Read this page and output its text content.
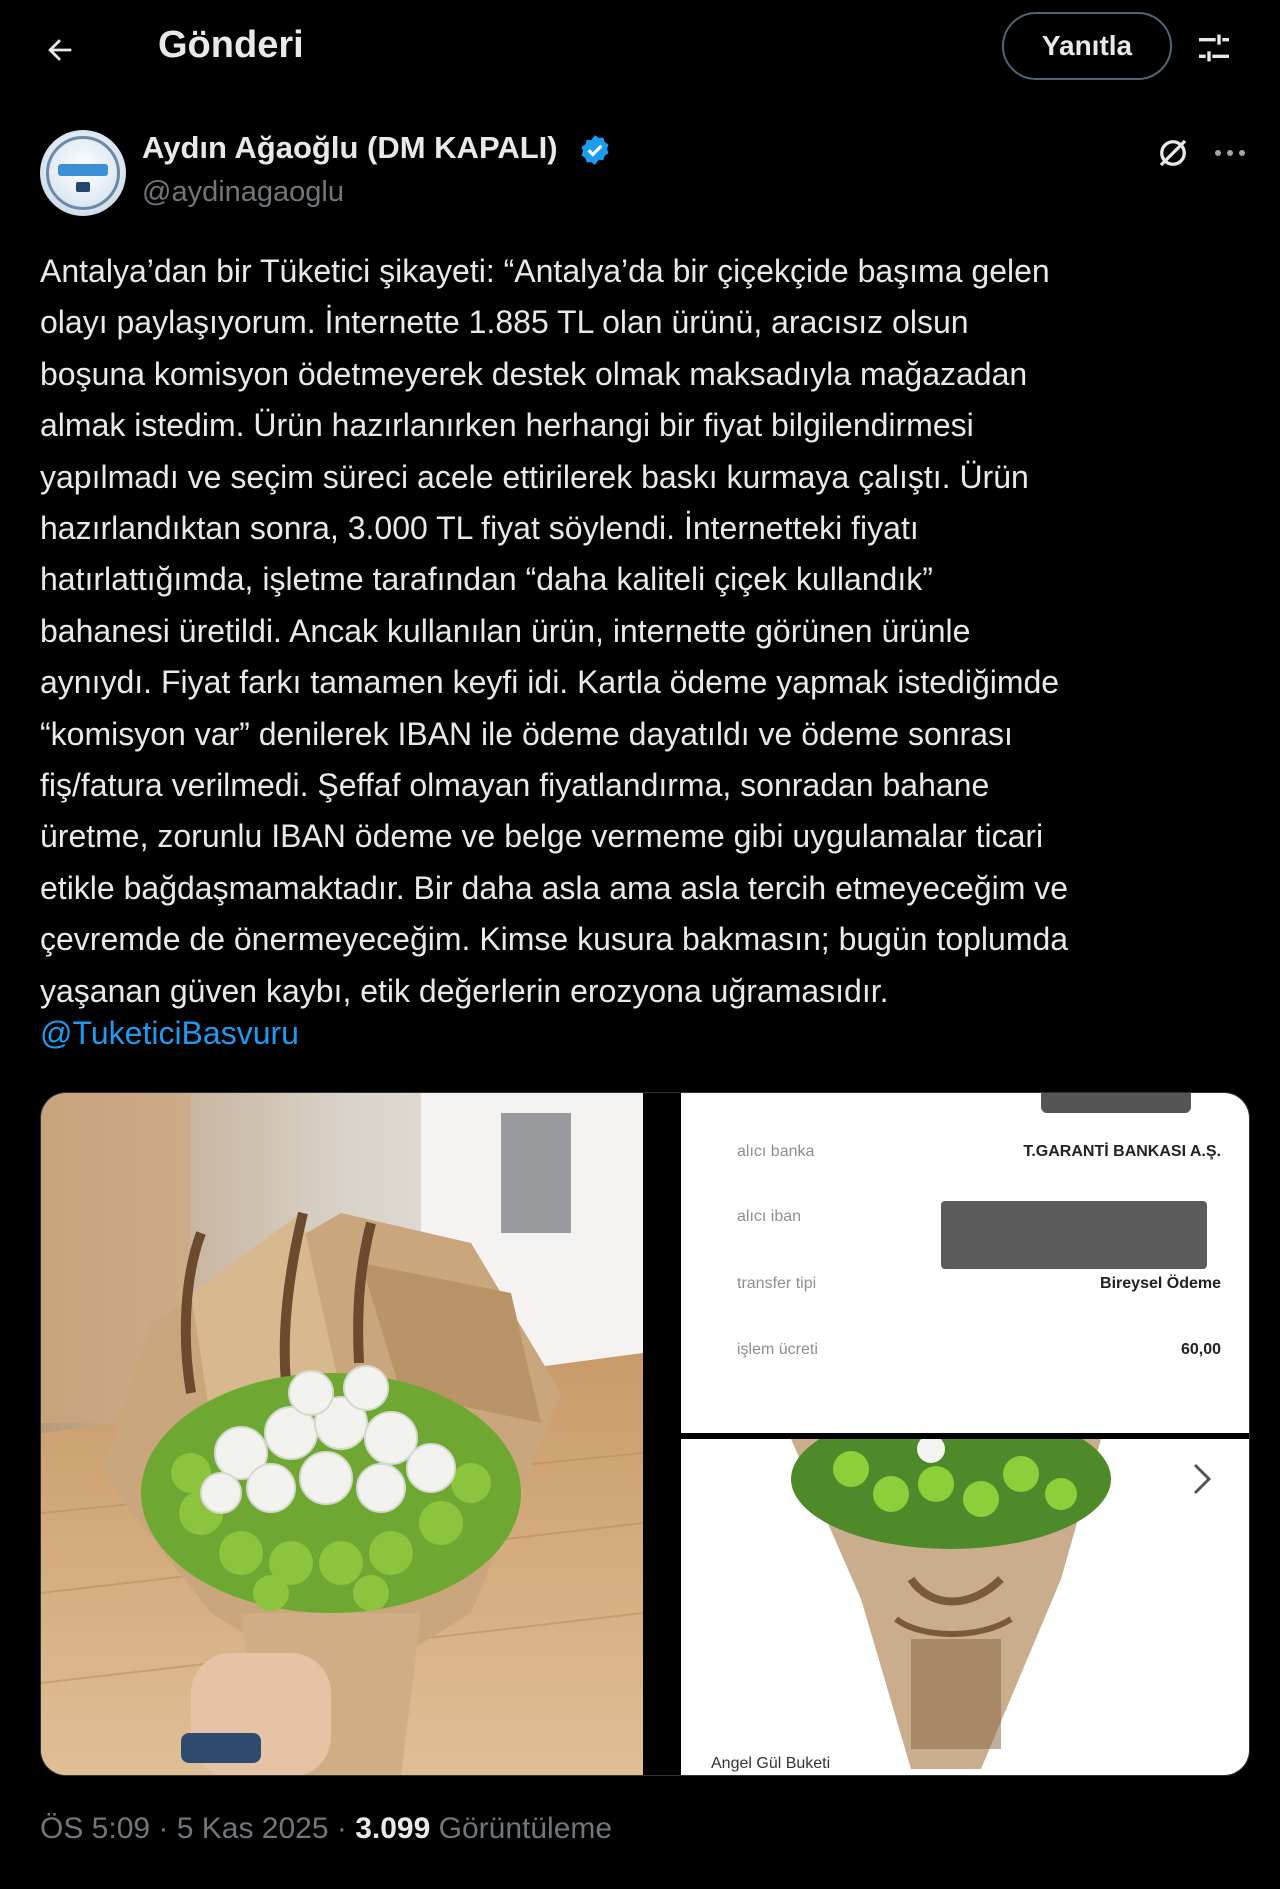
Gönderi	Yanıtla
Aydın Ağaoğlu (DM KAPALI)
@aydinagaoglu
Antalya’dan bir Tüketici şikayeti: “Antalya’da bir çiçekçide başıma gelen
olayı paylaşıyorum. İnternette 1.885 TL olan ürünü, aracısız olsun
boşuna komisyon ödetmeyerek destek olmak maksadıyla mağazadan
almak istedim. Ürün hazırlanırken herhangi bir fiyat bilgilendirmesi
yapılmadı ve seçim süreci acele ettirilerek baskı kurmaya çalıştı. Ürün
hazırlandıktan sonra, 3.000 TL fiyat söylendi. İnternetteki fiyatı
hatırlattığımda, işletme tarafından “daha kaliteli çiçek kullandık”
bahanesi üretildi. Ancak kullanılan ürün, internette görünen ürünle
aynıydı. Fiyat farkı tamamen keyfi idi. Kartla ödeme yapmak istediğimde
“komisyon var” denilerek IBAN ile ödeme dayatıldı ve ödeme sonrası
fiş/fatura verilmedi. Şeffaf olmayan fiyatlandırma, sonradan bahane
üretme, zorunlu IBAN ödeme ve belge vermeme gibi uygulamalar ticari
etikle bağdaşmamaktadır. Bir daha asla ama asla tercih etmeyeceğim ve
çevremde de önermeyeceğim. Kimse kusura bakmasın; bugün toplumda
yaşanan güven kaybı, etik değerlerin erozyona uğramasıdır.
@TuketiciBasvuru
alıcı banka	T.GARANTİ BANKASI A.Ş.
alıcı iban
transfer tipi	Bireysel Ödeme
işlem ücreti	60,00
Angel Gül Buketi
ÖS 5:09 · 5 Kas 2025 · 3.099 Görüntüleme
